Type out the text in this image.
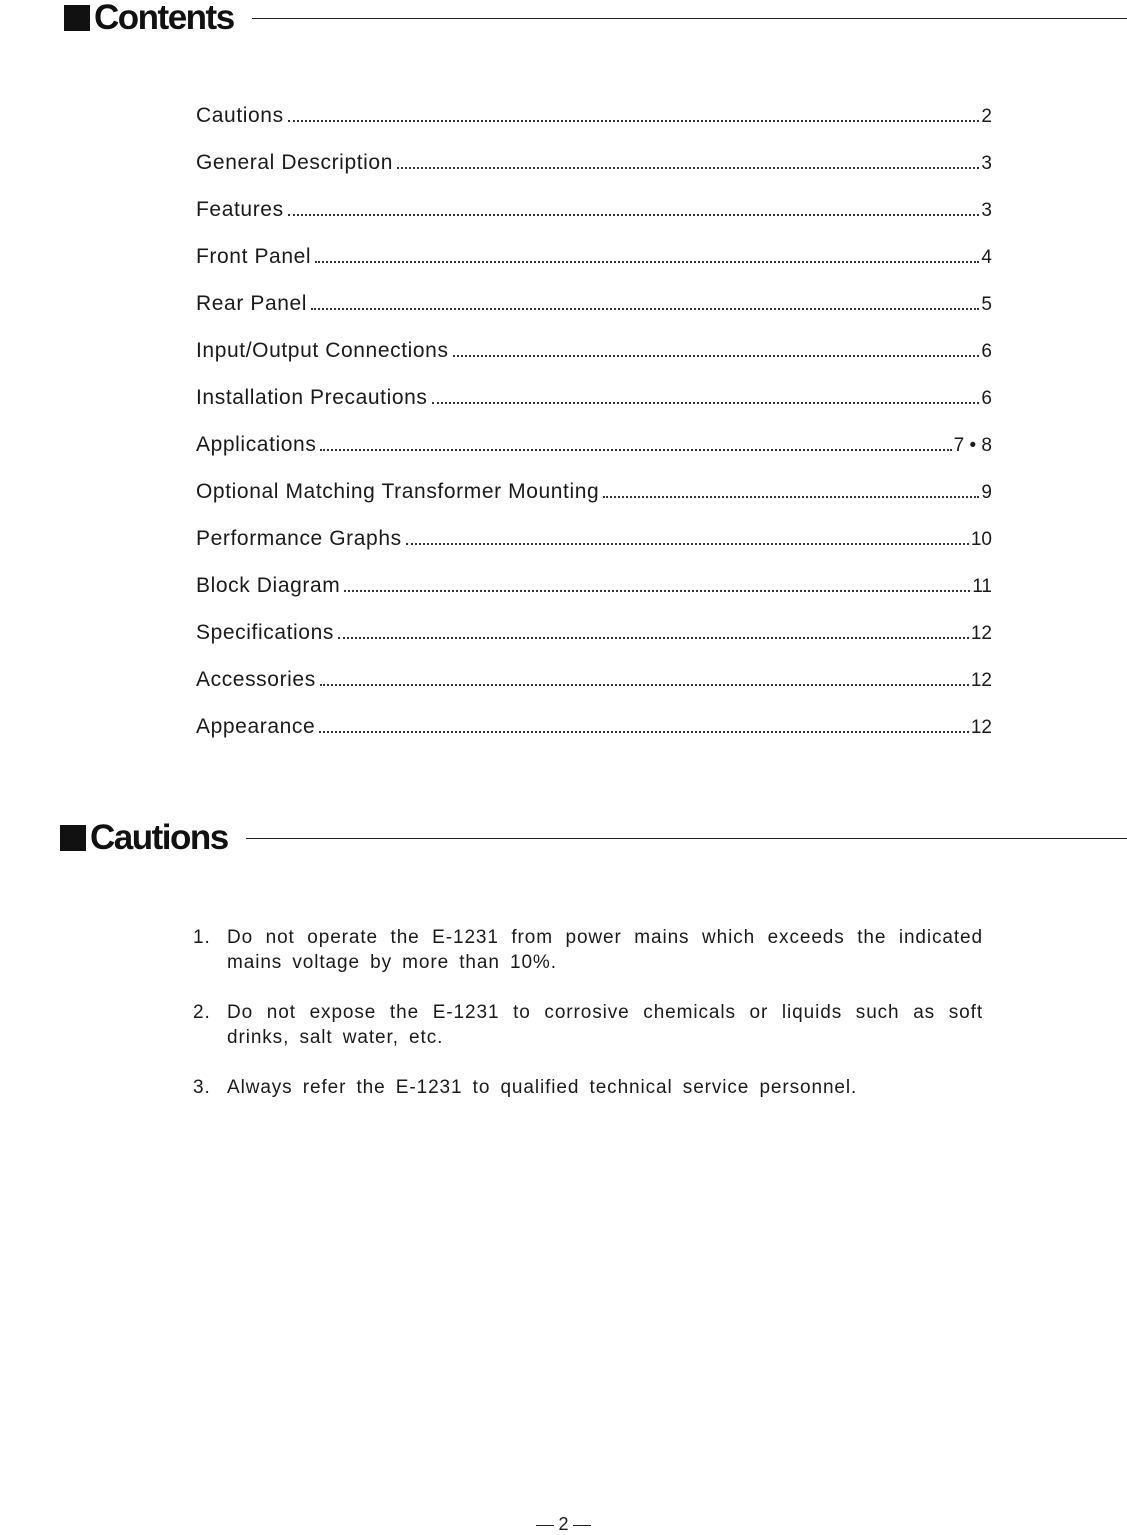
Contents
Cautions	2
General Description	3
Features	3
Front Panel	4
Rear Panel	5
Input/Output Connections	6
Installation Precautions	6
Applications	7 • 8
Optional Matching Transformer Mounting	9
Performance Graphs	10
Block Diagram	11
Specifications	12
Accessories	12
Appearance	12
Cautions
1. Do not operate the E-1231 from power mains which exceeds the indicated mains voltage by more than 10%.
2. Do not expose the E-1231 to corrosive chemicals or liquids such as soft drinks, salt water, etc.
3. Always refer the E-1231 to qualified technical service personnel.
2
